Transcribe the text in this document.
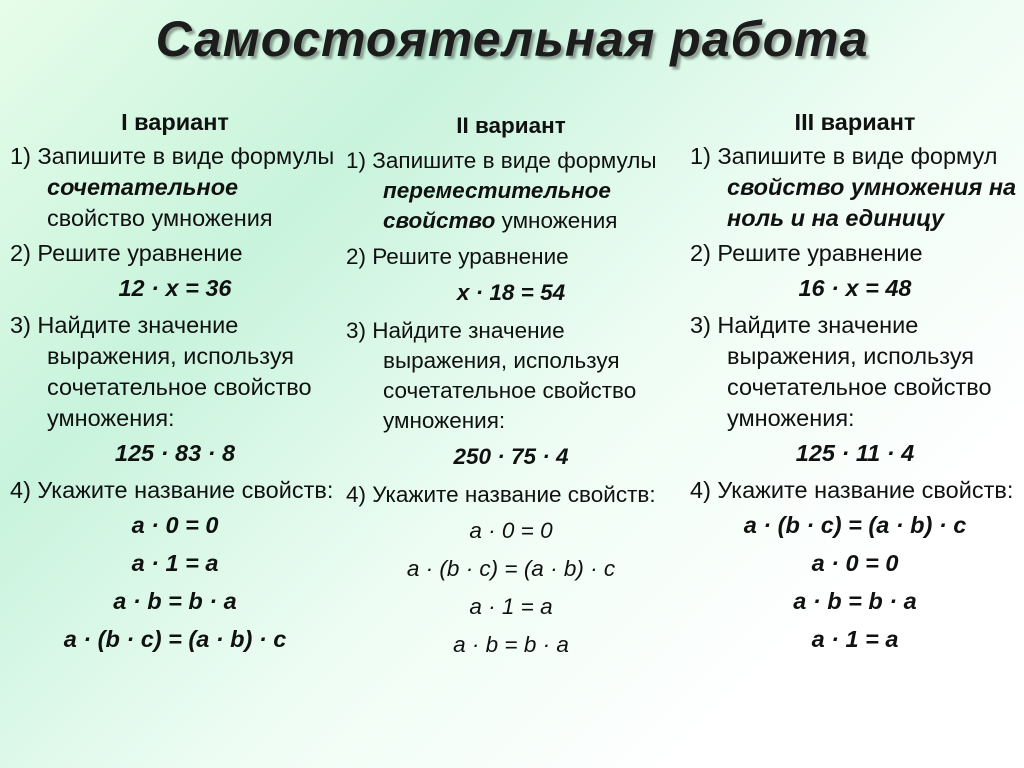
Самостоятельная работа
I вариант
1) Запишите в виде формулы сочетательное свойство умножения
2) Решите уравнение
12 · х = 36
3) Найдите значение выражения, используя сочетательное свойство умножения:
125 · 83 · 8
4) Укажите название свойств:
а · 0 = 0
а · 1 = а
а · b = b · а
а · (b · с) = (а · b) · с
II вариант
1) Запишите в виде формулы переместительное свойство умножения
2) Решите уравнение
х · 18 = 54
3) Найдите значение выражения, используя сочетательное свойство умножения:
250 · 75 · 4
4) Укажите название свойств:
а · 0 = 0
а · (b · с) = (а · b) · с
а · 1 = а
а · b = b · а
III вариант
1) Запишите в виде формул свойство умножения на ноль и на единицу
2) Решите уравнение
16 · х = 48
3) Найдите значение выражения, используя сочетательное свойство умножения:
125 · 11 · 4
4) Укажите название свойств:
а · (b · с) = (а · b) · с
а · 0 = 0
а · b = b · а
а · 1 = а
